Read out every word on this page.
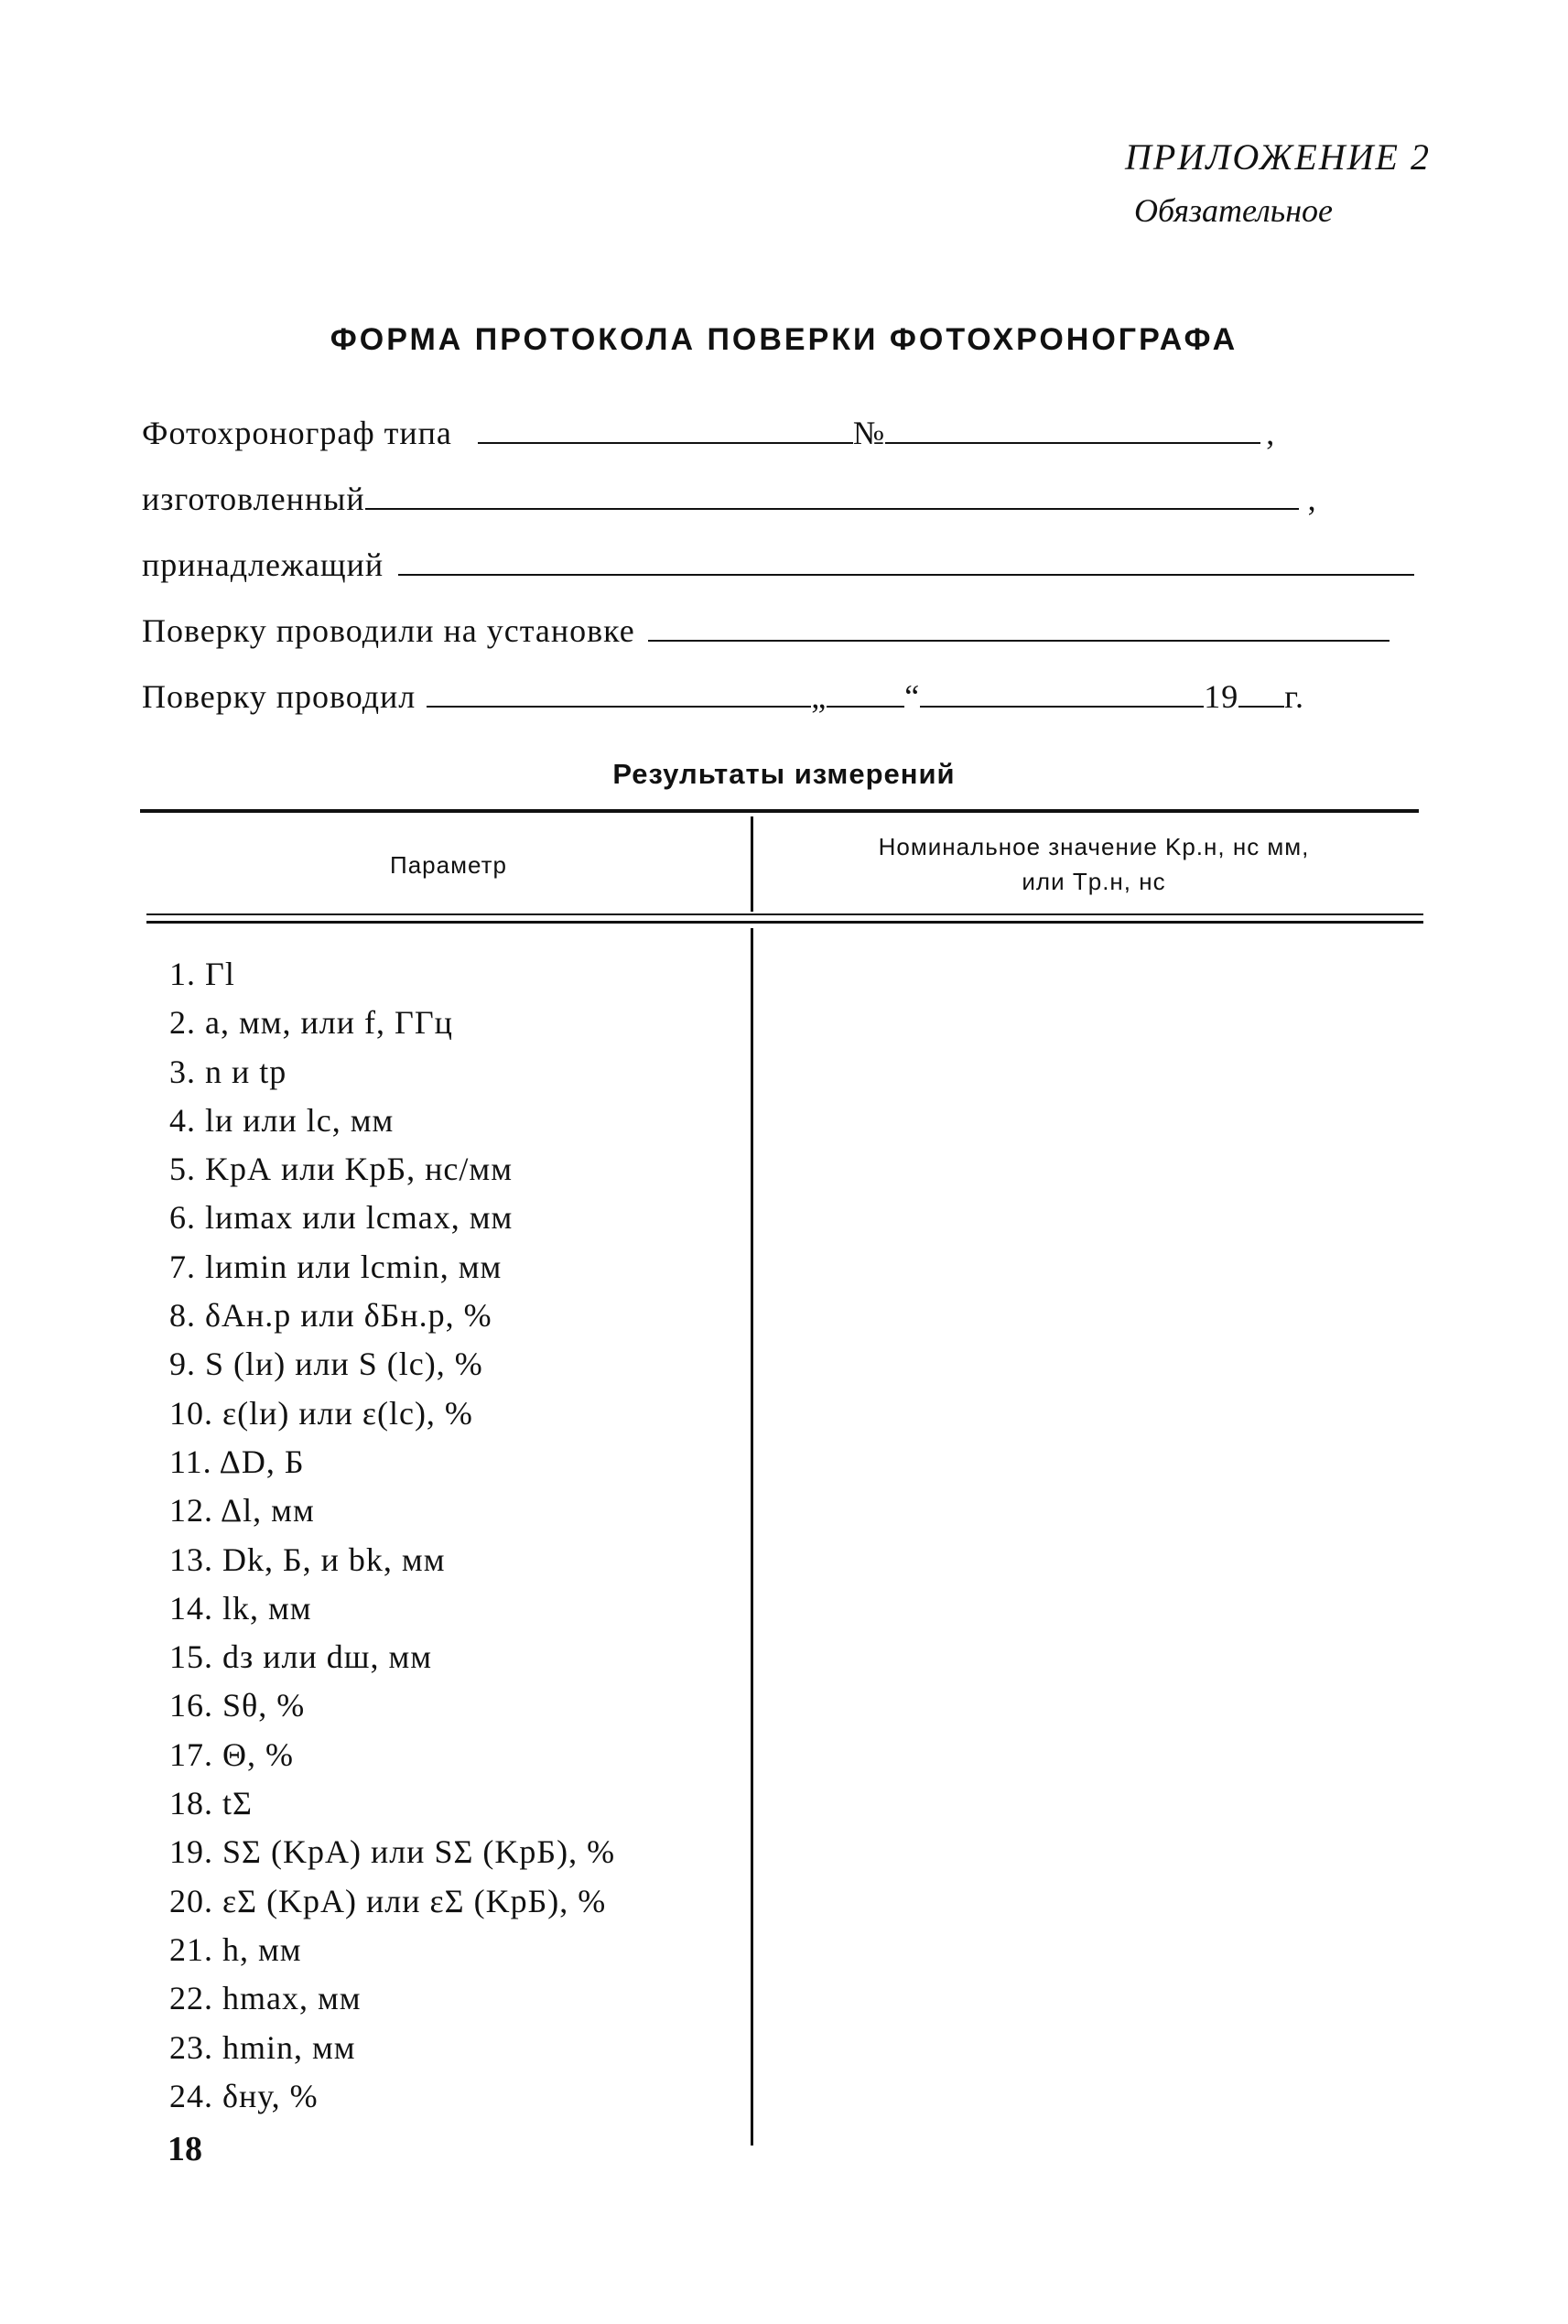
ПРИЛОЖЕНИЕ 2
Обязательное
ФОРМА ПРОТОКОЛА ПОВЕРКИ ФОТОХРОНОГРАФА
Фотохронограф типа	№	,
изготовленный	,
принадлежащий
Поверку проводили на установке
Поверку проводил	„ “	19 г.
Результаты измерений
Параметр
Номинальное значение Kр.н, нс мм,
или Tр.н, нс
1. Гl
2. a, мм, или f, ГГц
3. n и tр
4. lи или lс, мм
5. KрА или KрБ, нс/мм
6. lиmax или lсmax, мм
7. lиmin или lсmin, мм
8. δАн.р или δБн.р, %
9. S (lи) или S (lс), %
10. ε(lи) или ε(lс), %
11. ΔD, Б
12. Δl, мм
13. Dk, Б, и bk, мм
14. lk, мм
15. dз или dш, мм
16. Sθ, %
17. Θ, %
18. tΣ
19. SΣ (KрА) или SΣ (KрБ), %
20. εΣ (KрА) или εΣ (KрБ), %
21. h, мм
22. hmax, мм
23. hmin, мм
24. δну, %
18
